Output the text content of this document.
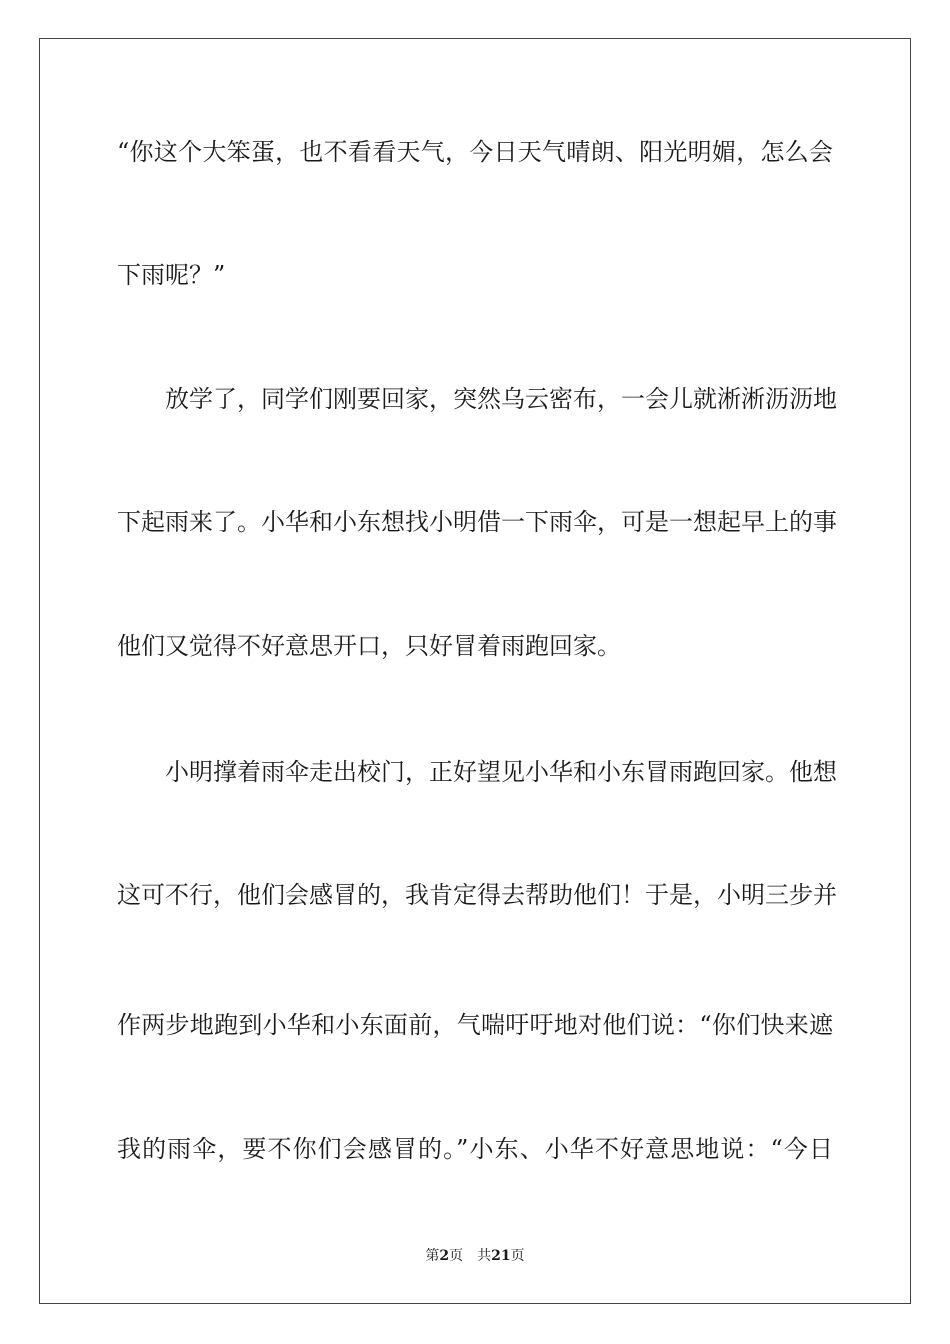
“你这个大笨蛋，也不看看天气，今日天气晴朗、阳光明媚，怎么会
下雨呢？”
放学了，同学们刚要回家，突然乌云密布，一会儿就淅淅沥沥地
下起雨来了。小华和小东想找小明借一下雨伞，可是一想起早上的事
他们又觉得不好意思开口，只好冒着雨跑回家。
小明撑着雨伞走出校门，正好望见小华和小东冒雨跑回家。他想
这可不行，他们会感冒的，我肯定得去帮助他们！于是，小明三步并
作两步地跑到小华和小东面前，气喘吁吁地对他们说：“你们快来遮
我的雨伞，要不你们会感冒的。”小东、小华不好意思地说：“今日
第2页 共21页
